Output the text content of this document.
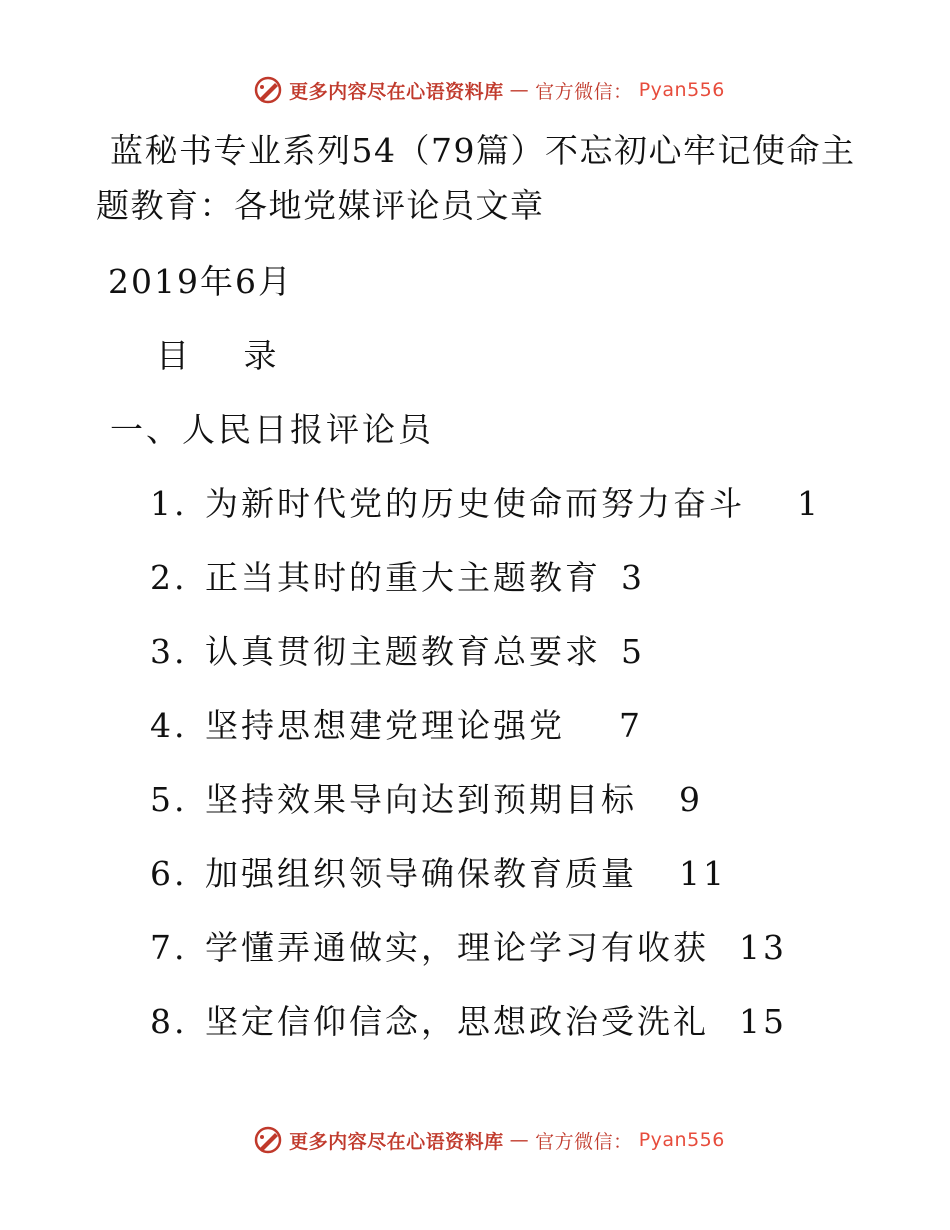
更多内容尽在心语资料库 — 官方微信： Pyan556
蓝秘书专业系列54（79篇）不忘初心牢记使命主题教育：各地党媒评论员文章
2019年6月
目 录
一、人民日报评论员
1. 为新时代党的历史使命而努力奋斗 1
2. 正当其时的重大主题教育 3
3. 认真贯彻主题教育总要求 5
4. 坚持思想建党理论强党 7
5. 坚持效果导向达到预期目标 9
6. 加强组织领导确保教育质量 11
7. 学懂弄通做实，理论学习有收获 13
8. 坚定信仰信念，思想政治受洗礼 15
更多内容尽在心语资料库 — 官方微信： Pyan556
